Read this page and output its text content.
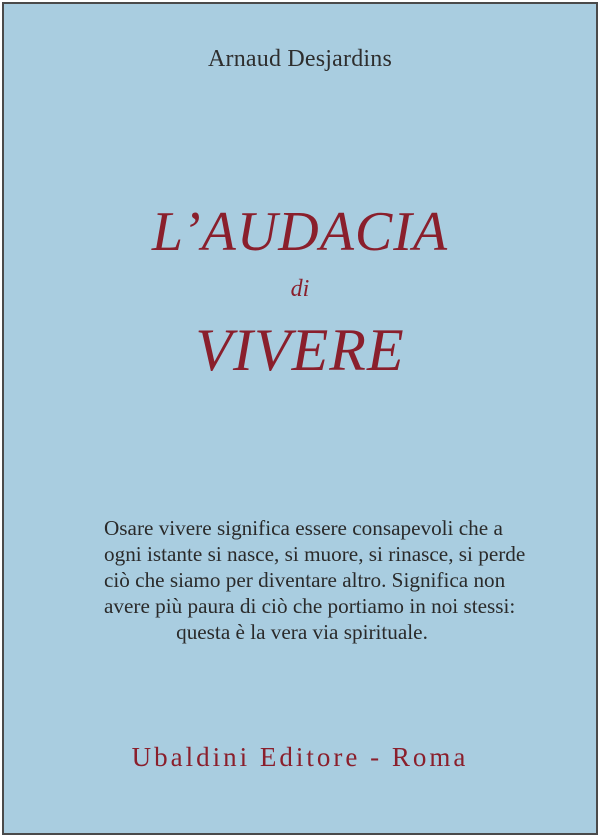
Arnaud Desjardins
L’AUDACIA
di
VIVERE
Osare vivere significa essere consapevoli che a
ogni istante si nasce, si muore, si rinasce, si perde
ciò che siamo per diventare altro. Significa non
avere più paura di ciò che portiamo in noi stessi:
questa è la vera via spirituale.
Ubaldini Editore - Roma
